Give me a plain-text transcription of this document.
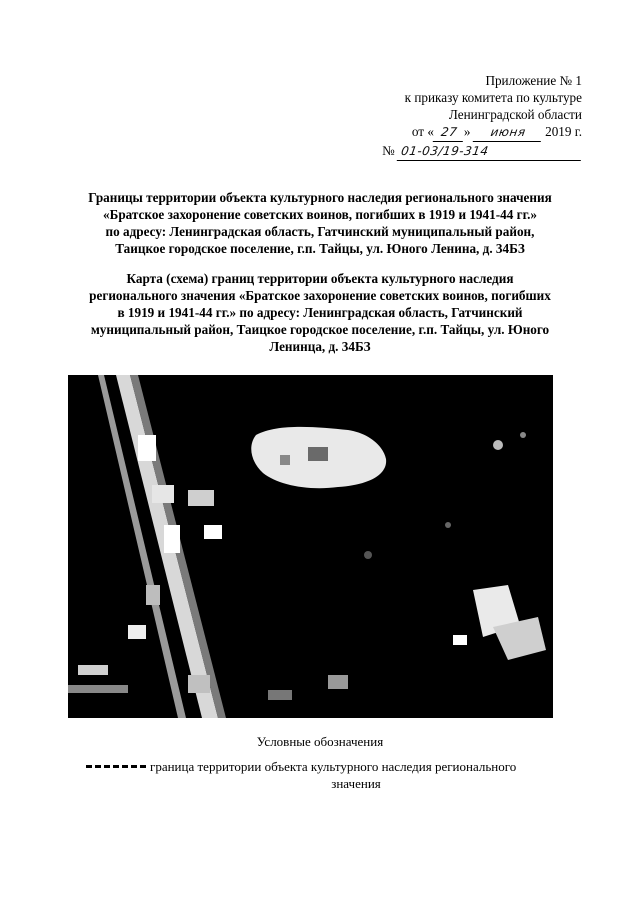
Приложение № 1
к приказу комитета по культуре
Ленинградской области
от « 27 » июня 2019 г.
№ 01-03/19-314
Границы территории объекта культурного наследия регионального значения
«Братское захоронение советских воинов, погибших в 1919 и 1941-44 гг.»
по адресу: Ленинградская область, Гатчинский муниципальный район,
Таицкое городское поселение, г.п. Тайцы, ул. Юного Ленина, д. 34БЗ
Карта (схема) границ территории объекта культурного наследия
регионального значения «Братское захоронение советских воинов, погибших
в 1919 и 1941-44 гг.» по адресу: Ленинградская область, Гатчинский
муниципальный район, Таицкое городское поселение, г.п. Тайцы, ул. Юного
Ленинца, д. 34БЗ
Условные обозначения
граница территории объекта культурного наследия регионального
значения
